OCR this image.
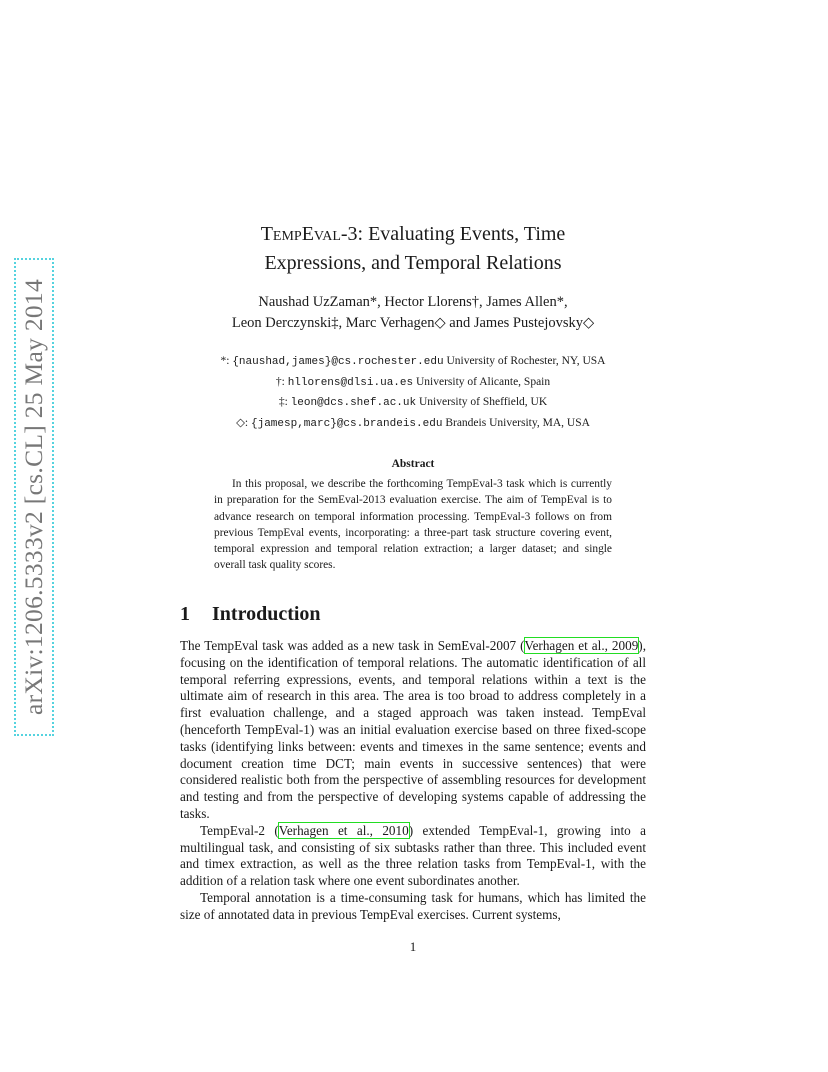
arXiv:1206.5333v2 [cs.CL] 25 May 2014
TempEval-3: Evaluating Events, Time
Expressions, and Temporal Relations
Naushad UzZaman*, Hector Llorens†, James Allen*,
Leon Derczynski‡, Marc Verhagen◇ and James Pustejovsky◇
*: {naushad,james}@cs.rochester.edu University of Rochester, NY, USA
†: hllorens@dlsi.ua.es University of Alicante, Spain
‡: leon@dcs.shef.ac.uk University of Sheffield, UK
◇: {jamesp,marc}@cs.brandeis.edu Brandeis University, MA, USA
Abstract
In this proposal, we describe the forthcoming TempEval-3 task which is currently in preparation for the SemEval-2013 evaluation exercise. The aim of TempEval is to advance research on temporal information processing. TempEval-3 follows on from previous TempEval events, incorporating: a three-part task structure covering event, temporal expression and temporal relation extraction; a larger dataset; and single overall task quality scores.
1 Introduction

The TempEval task was added as a new task in SemEval-2007 (Verhagen et al., 2009), focusing on the identification of temporal relations. The automatic identification of all temporal referring expressions, events, and temporal relations within a text is the ultimate aim of research in this area. The area is too broad to address completely in a first evaluation challenge, and a staged approach was taken instead. TempEval (henceforth TempEval-1) was an initial evaluation exercise based on three fixed-scope tasks (identifying links between: events and timexes in the same sentence; events and document creation time DCT; main events in successive sentences) that were considered realistic both from the perspective of assembling resources for development and testing and from the perspective of developing systems capable of addressing the tasks.

TempEval-2 (Verhagen et al., 2010) extended TempEval-1, growing into a multilingual task, and consisting of six subtasks rather than three. This included event and timex extraction, as well as the three relation tasks from TempEval-1, with the addition of a relation task where one event subordinates another.

Temporal annotation is a time-consuming task for humans, which has limited the size of annotated data in previous TempEval exercises. Current systems,

1
